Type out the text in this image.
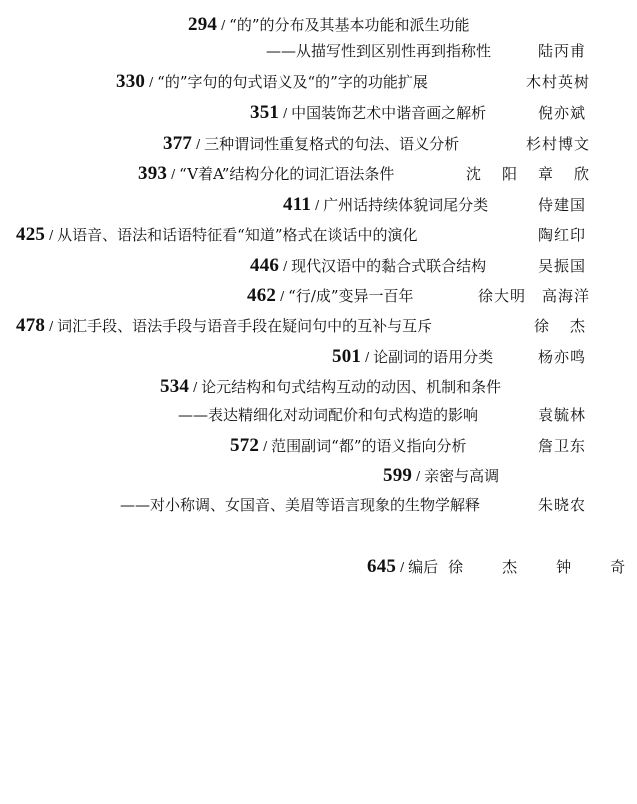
294 / “的”的分布及其基本功能和派生功能
——从描写性到区别性再到指称性	陆丙甫
330 / “的”字句的句式语义及“的”字的功能扩展	木村英树
351 / 中国装饰艺术中谐音画之解析	倪亦斌
377 / 三种谓词性重复格式的句法、语义分析	杉村博文
393 / “V着A”结构分化的词汇语法条件	沈　阳　章　欣
411 / 广州话持续体貌词尾分类	侍建国
425 / 从语音、语法和话语特征看“知道”格式在谈话中的演化	陶红印
446 / 现代汉语中的黏合式联合结构	吴振国
462 / “行/成”变异一百年	徐大明　高海洋
478 / 词汇手段、语法手段与语音手段在疑问句中的互补与互斥	徐　杰
501 / 论副词的语用分类	杨亦鸣
534 / 论元结构和句式结构互动的动因、机制和条件
——表达精细化对动词配价和句式构造的影响	袁毓林
572 / 范围副词“都”的语义指向分析	詹卫东
599 / 亲密与高调
——对小称调、女国音、美眉等语言现象的生物学解释	朱晓农
645 / 编后 徐　杰　钟　奇
